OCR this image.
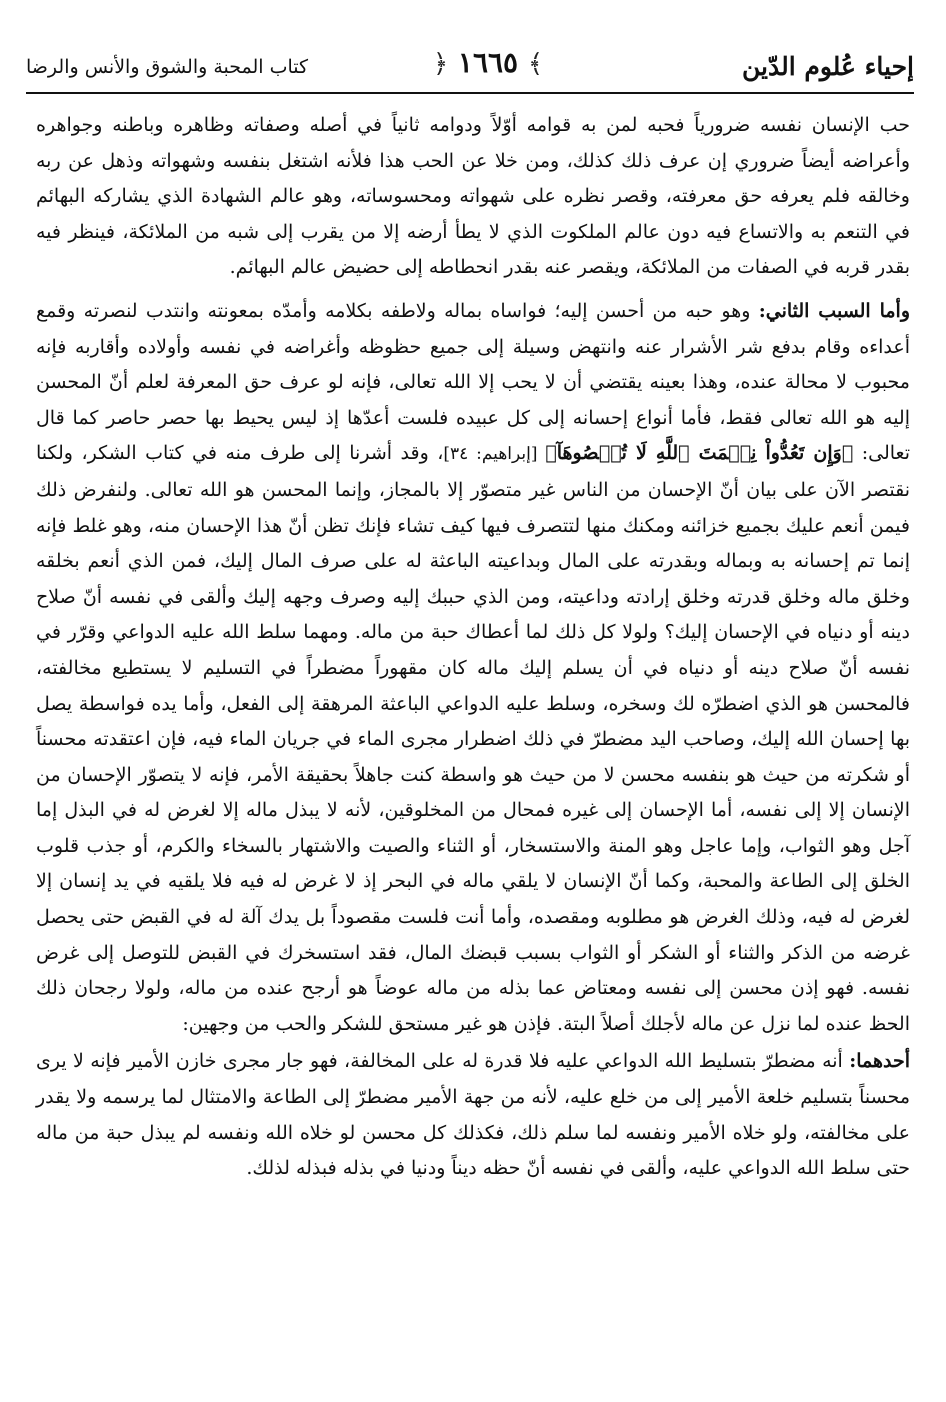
إحياء عُلوم الدّين
﴾ ١٦٦٥ ﴿
كتاب المحبة والشوق والأنس والرضا

حب الإنسان نفسه ضرورياً فحبه لمن به قوامه أوّلاً ودوامه ثانياً في أصله وصفاته وظاهره وباطنه وجواهره وأعراضه أيضاً ضروري إن عرف ذلك كذلك، ومن خلا عن الحب هذا فلأنه اشتغل بنفسه وشهواته وذهل عن ربه وخالقه فلم يعرفه حق معرفته، وقصر نظره على شهواته ومحسوساته، وهو عالم الشهادة الذي يشاركه البهائم في التنعم به والاتساع فيه دون عالم الملكوت الذي لا يطأ أرضه إلا من يقرب إلى شبه من الملائكة، فينظر فيه بقدر قربه في الصفات من الملائكة، ويقصر عنه بقدر انحطاطه إلى حضيض عالم البهائم.

وأما السبب الثاني: وهو حبه من أحسن إليه؛ فواساه بماله ولاطفه بكلامه وأمدّه بمعونته وانتدب لنصرته وقمع أعداءه وقام بدفع شر الأشرار عنه وانتهض وسيلة إلى جميع حظوظه وأغراضه في نفسه وأولاده وأقاربه فإنه محبوب لا محالة عنده، وهذا بعينه يقتضي أن لا يحب إلا الله تعالى، فإنه لو عرف حق المعرفة لعلم أنّ المحسن إليه هو الله تعالى فقط، فأما أنواع إحسانه إلى كل عبيده فلست أعدّها إذ ليس يحيط بها حصر حاصر كما قال تعالى: ﴿وَإِن تَعُدُّواْ نِعۡمَتَ ٱللَّهِ لَا تُحۡصُوهَآ﴾ [إبراهيم: ٣٤]، وقد أشرنا إلى طرف منه في كتاب الشكر، ولكنا نقتصر الآن على بيان أنّ الإحسان من الناس غير متصوّر إلا بالمجاز، وإنما المحسن هو الله تعالى. ولنفرض ذلك فيمن أنعم عليك بجميع خزائنه ومكنك منها لتتصرف فيها كيف تشاء فإنك تظن أنّ هذا الإحسان منه، وهو غلط فإنه إنما تم إحسانه به وبماله وبقدرته على المال وبداعيته الباعثة له على صرف المال إليك، فمن الذي أنعم بخلقه وخلق ماله وخلق قدرته وخلق إرادته وداعيته، ومن الذي حببك إليه وصرف وجهه إليك وألقى في نفسه أنّ صلاح دينه أو دنياه في الإحسان إليك؟ ولولا كل ذلك لما أعطاك حبة من ماله. ومهما سلط الله عليه الدواعي وقرّر في نفسه أنّ صلاح دينه أو دنياه في أن يسلم إليك ماله كان مقهوراً مضطراً في التسليم لا يستطيع مخالفته، فالمحسن هو الذي اضطرّه لك وسخره، وسلط عليه الدواعي الباعثة المرهقة إلى الفعل، وأما يده فواسطة يصل بها إحسان الله إليك، وصاحب اليد مضطرّ في ذلك اضطرار مجرى الماء في جريان الماء فيه، فإن اعتقدته محسناً أو شكرته من حيث هو بنفسه محسن لا من حيث هو واسطة كنت جاهلاً بحقيقة الأمر، فإنه لا يتصوّر الإحسان من الإنسان إلا إلى نفسه، أما الإحسان إلى غيره فمحال من المخلوقين، لأنه لا يبذل ماله إلا لغرض له في البذل إما آجل وهو الثواب، وإما عاجل وهو المنة والاستسخار، أو الثناء والصيت والاشتهار بالسخاء والكرم، أو جذب قلوب الخلق إلى الطاعة والمحبة، وكما أنّ الإنسان لا يلقي ماله في البحر إذ لا غرض له فيه فلا يلقيه في يد إنسان إلا لغرض له فيه، وذلك الغرض هو مطلوبه ومقصده، وأما أنت فلست مقصوداً بل يدك آلة له في القبض حتى يحصل غرضه من الذكر والثناء أو الشكر أو الثواب بسبب قبضك المال، فقد استسخرك في القبض للتوصل إلى غرض نفسه. فهو إذن محسن إلى نفسه ومعتاض عما بذله من ماله عوضاً هو أرجح عنده من ماله، ولولا رجحان ذلك الحظ عنده لما نزل عن ماله لأجلك أصلاً البتة. فإذن هو غير مستحق للشكر والحب من وجهين:

أحدهما: أنه مضطرّ بتسليط الله الدواعي عليه فلا قدرة له على المخالفة، فهو جار مجرى خازن الأمير فإنه لا يرى محسناً بتسليم خلعة الأمير إلى من خلع عليه، لأنه من جهة الأمير مضطرّ إلى الطاعة والامتثال لما يرسمه ولا يقدر على مخالفته، ولو خلاه الأمير ونفسه لما سلم ذلك، فكذلك كل محسن لو خلاه الله ونفسه لم يبذل حبة من ماله حتى سلط الله الدواعي عليه، وألقى في نفسه أنّ حظه ديناً ودنيا في بذله فبذله لذلك.
